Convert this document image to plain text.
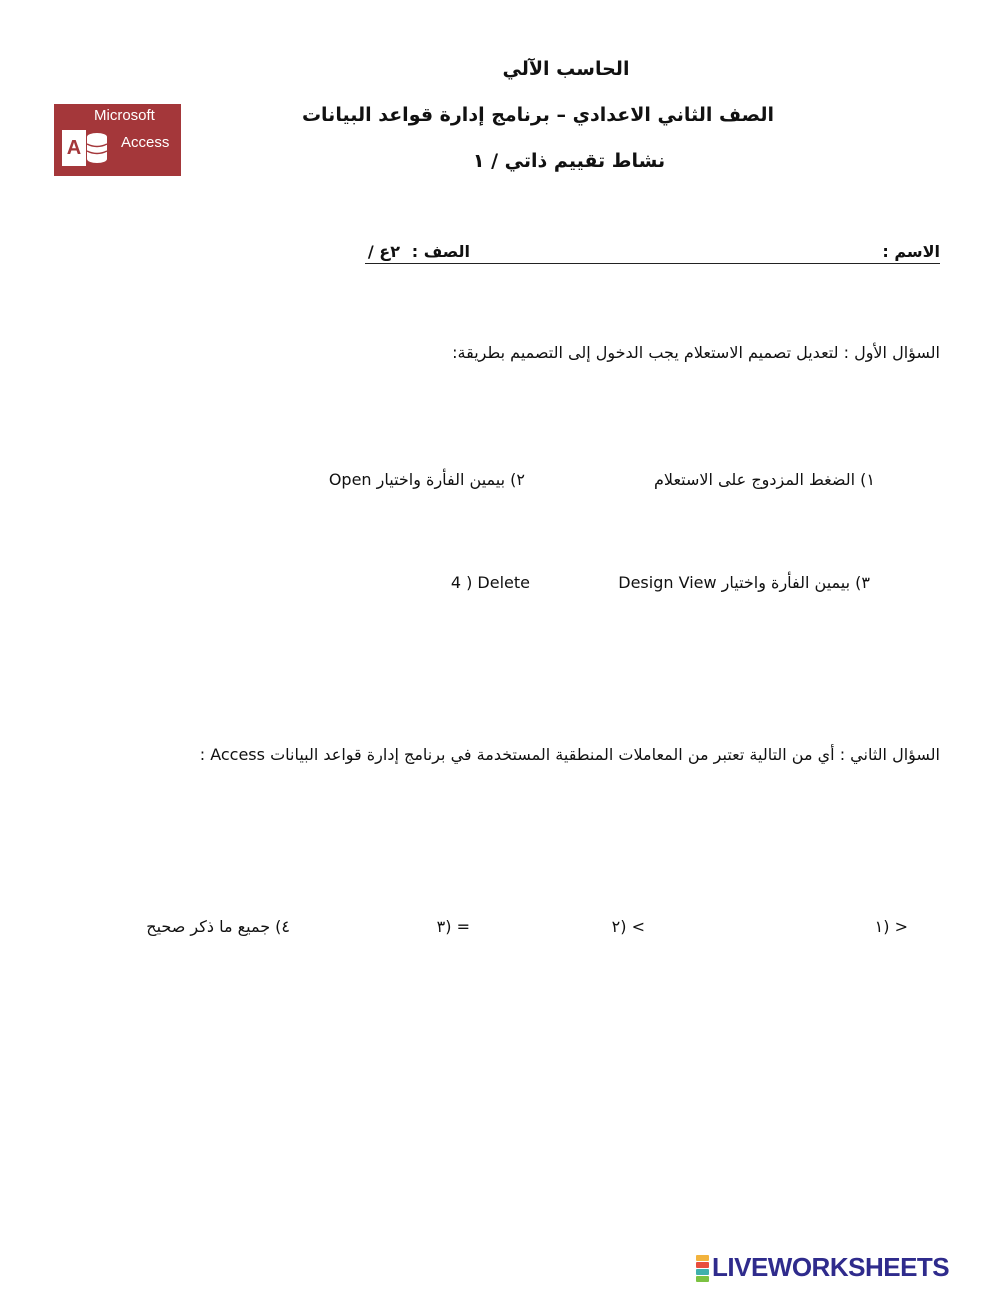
الحاسب الآلي
الصف الثاني الاعدادي – برنامج إدارة قواعد البيانات
نشاط تقييم ذاتي / ١
Microsoft
Access
A
الاسم :
الصف :
٢ع /
السؤال الأول : لتعديل تصميم الاستعلام يجب الدخول إلى التصميم بطريقة:
١) الضغط المزدوج على الاستعلام
٢) بيمين الفأرة واختيار Open
٣) بيمين الفأرة واختيار Design View
4 ) Delete
السؤال الثاني : أي من التالية تعتبر من المعاملات المنطقية المستخدمة في برنامج إدارة قواعد البيانات Access :
١) >
٢) <
٣) =
٤) جميع ما ذكر صحيح
LIVEWORKSHEETS
